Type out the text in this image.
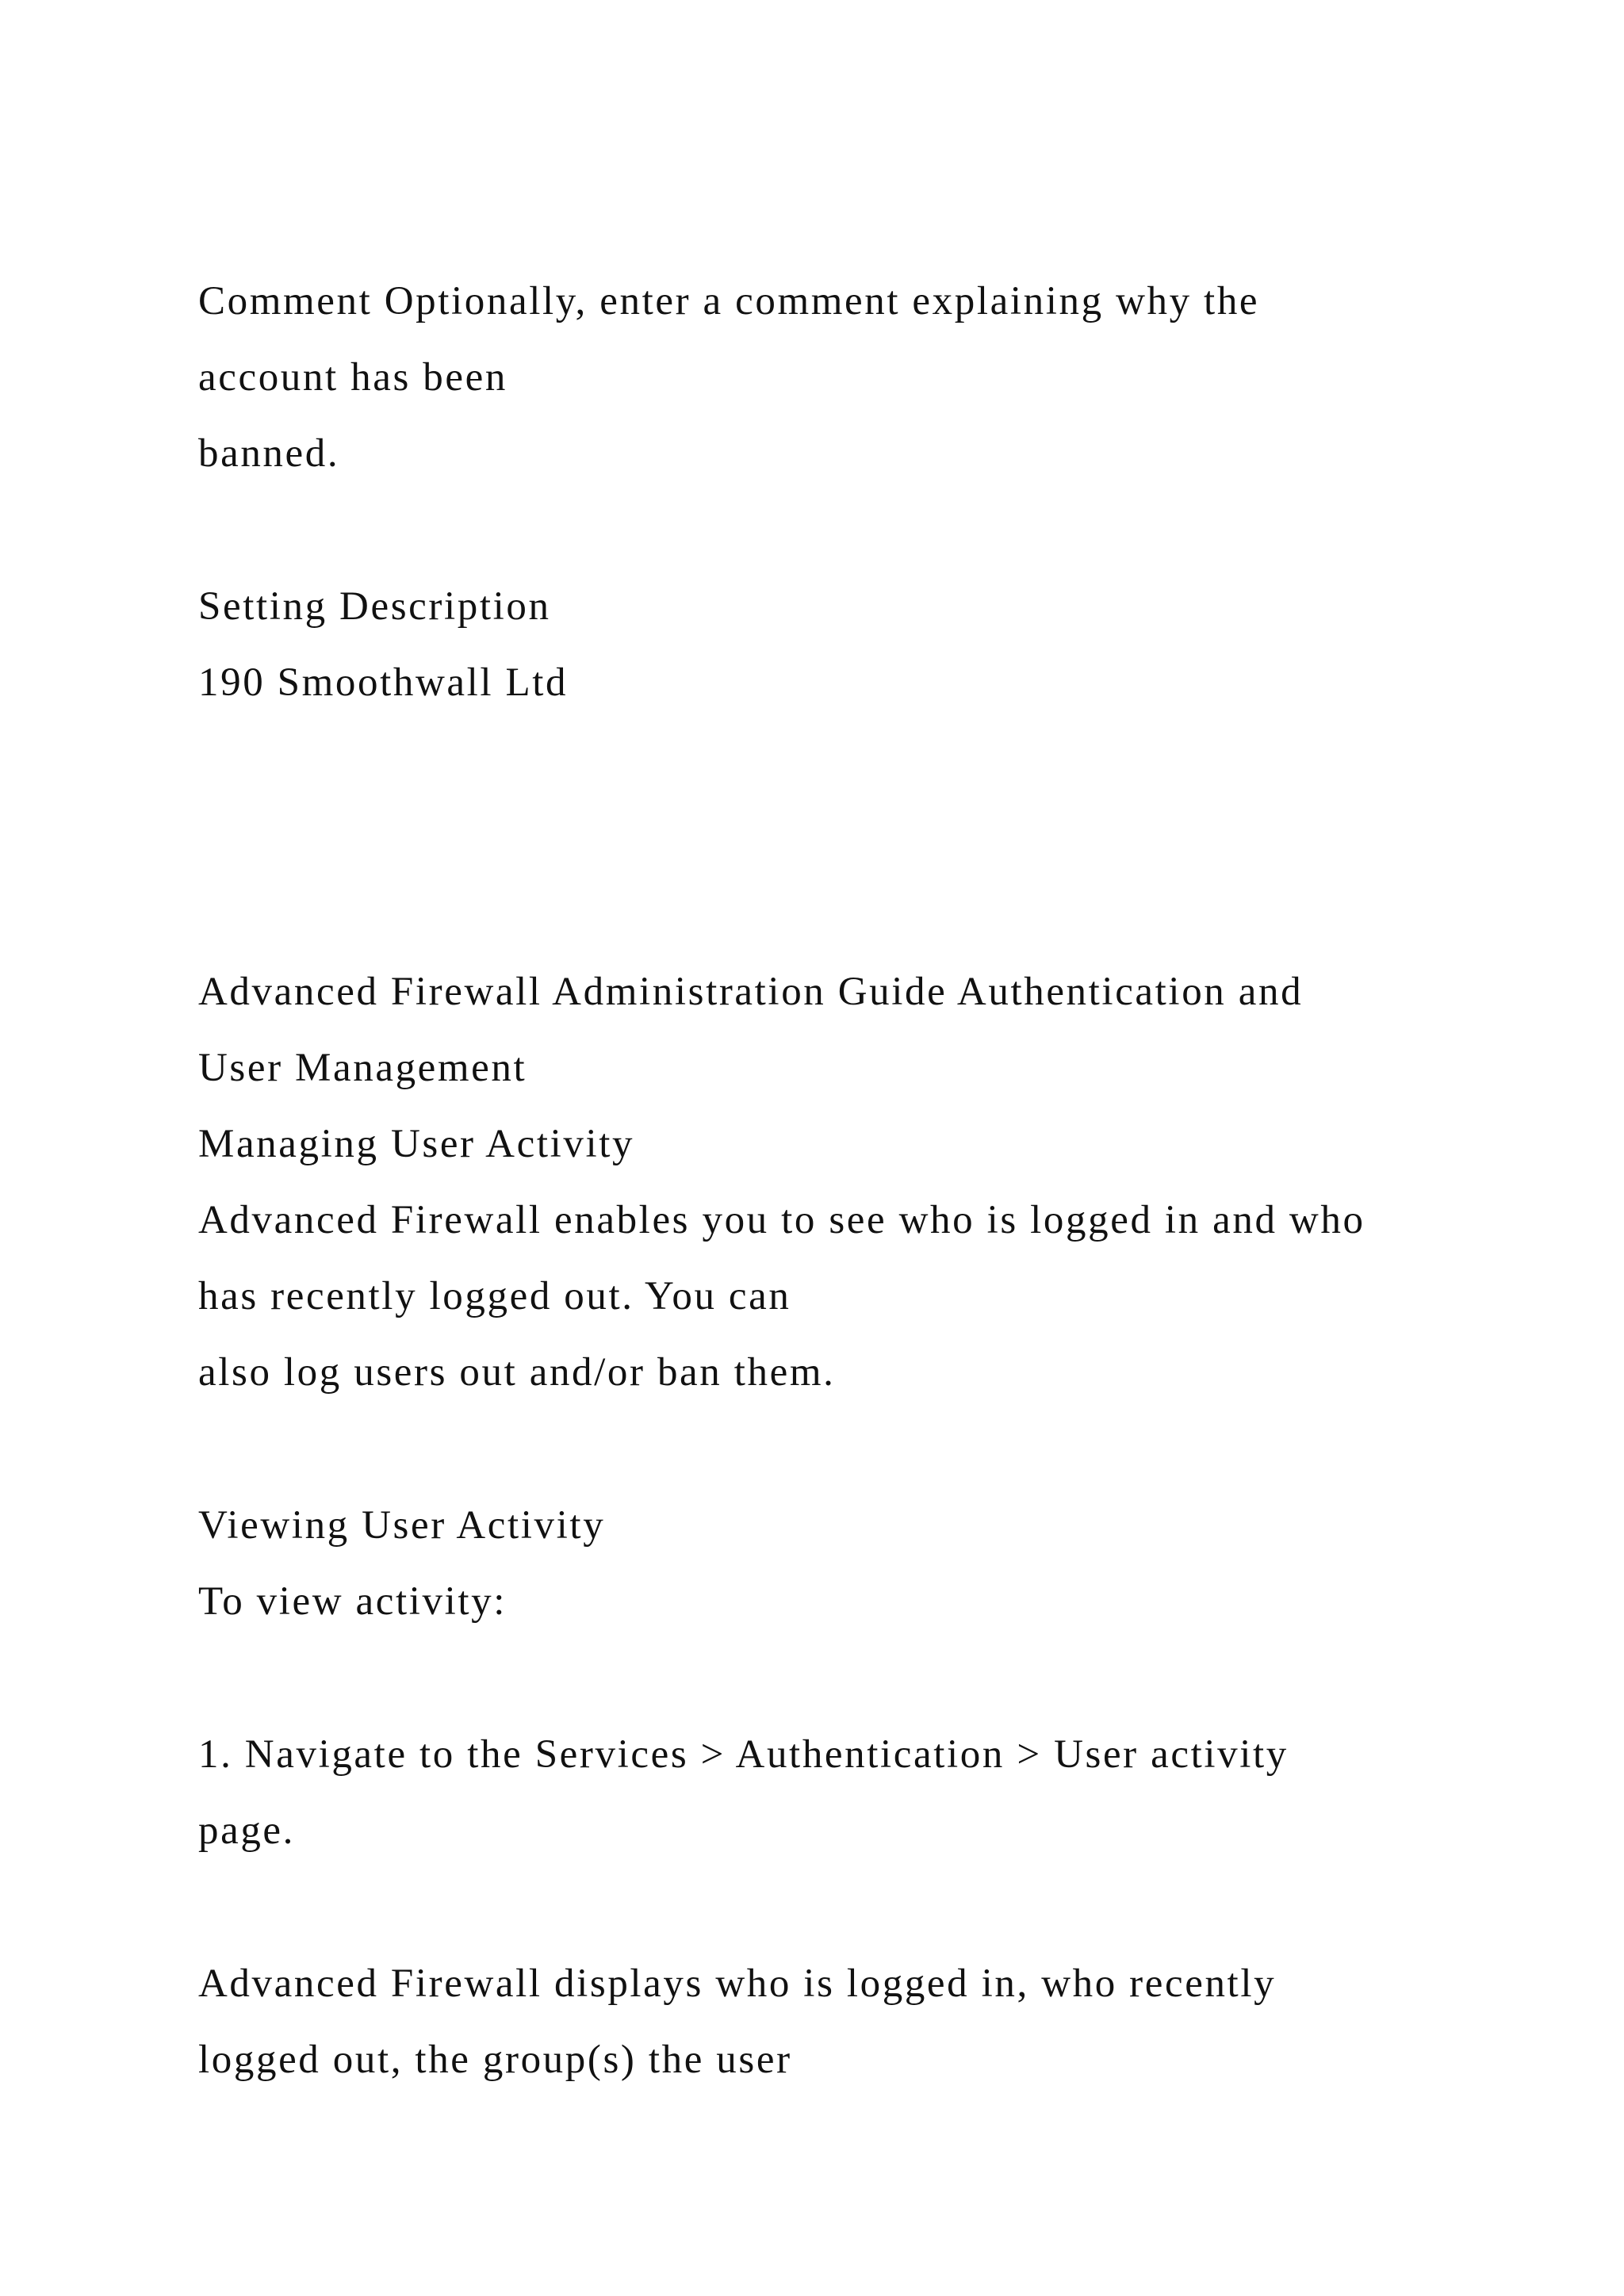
Comment Optionally, enter a comment explaining why the
account has been
banned.
Setting Description
190 Smoothwall Ltd
Advanced Firewall Administration Guide Authentication and
User Management
Managing User Activity
Advanced Firewall enables you to see who is logged in and who
has recently logged out. You can
also log users out and/or ban them.
Viewing User Activity
To view activity:
1. Navigate to the Services > Authentication > User activity
page.
Advanced Firewall displays who is logged in, who recently
logged out, the group(s) the user
